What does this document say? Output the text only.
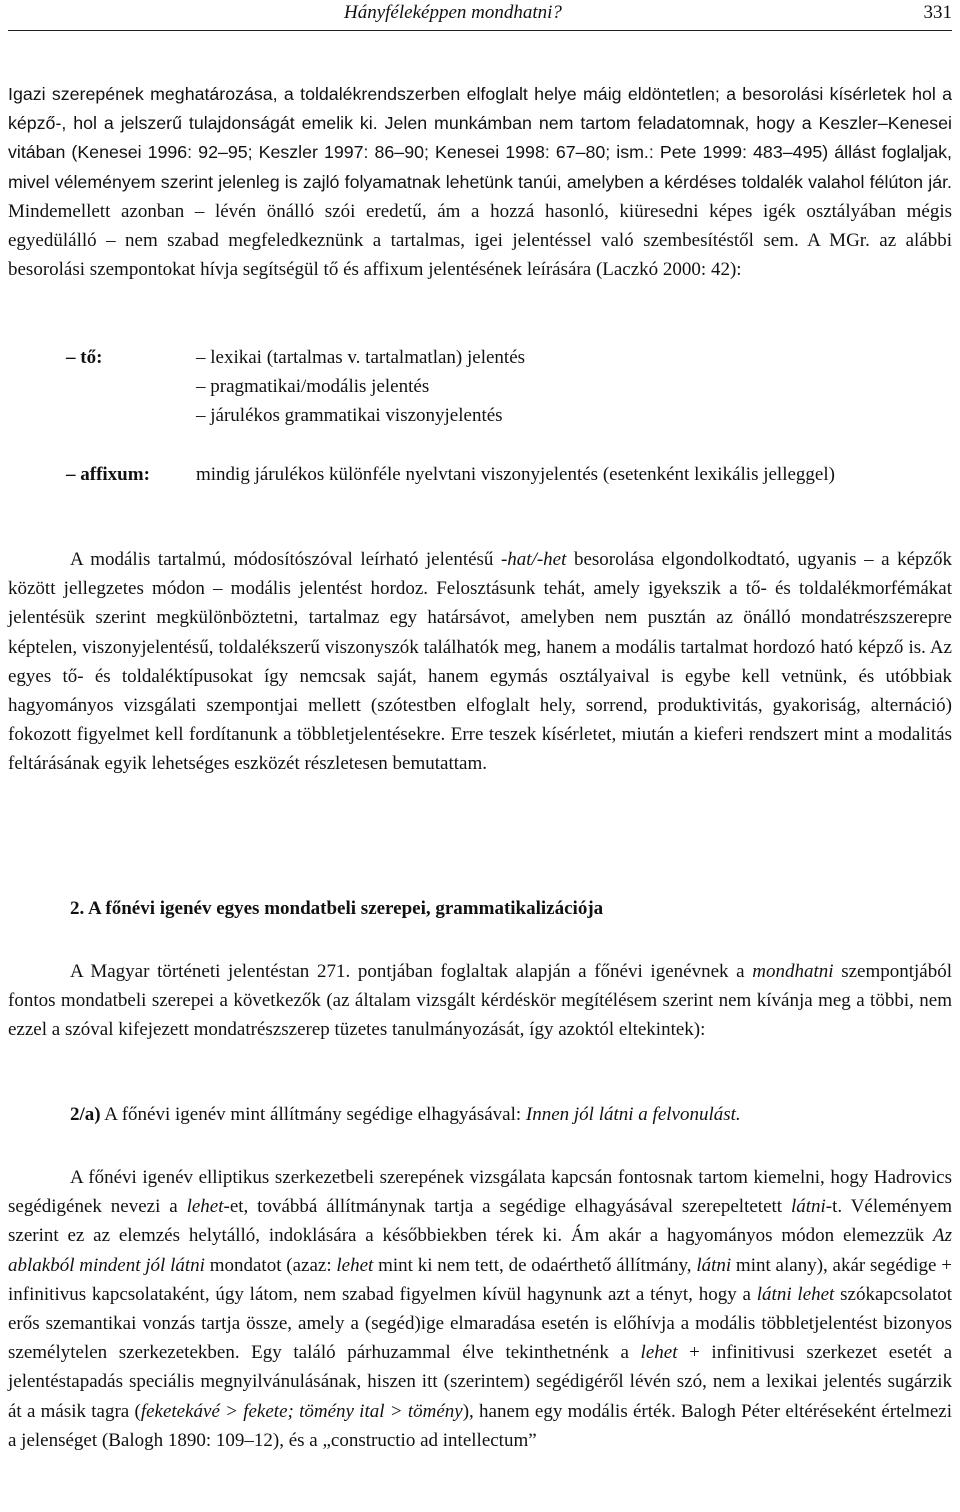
Hányféleképpen mondhatni?	331
Igazi szerepének meghatározása, a toldalékrendszerben elfoglalt helye máig eldöntetlen; a besorolási kísérletek hol a képző-, hol a jelszerű tulajdonságát emelik ki. Jelen munkámban nem tartom feladatomnak, hogy a Keszler–Kenesei vitában (Kenesei 1996: 92–95; Keszler 1997: 86–90; Kenesei 1998: 67–80; ism.: Pete 1999: 483–495) állást foglaljak, mivel véleményem szerint jelenleg is zajló folyamatnak lehetünk tanúi, amelyben a kérdéses toldalék valahol félúton jár. Mindemellett azonban – lévén önálló szói eredetű, ám a hozzá hasonló, kiüresedni képes igék osztályában mégis egyedülálló – nem szabad megfeledkeznünk a tartalmas, igei jelentéssel való szembesítéstől sem. A MGr. az alábbi besorolási szempontokat hívja segítségül tő és affixum jelentésének leírására (Laczkó 2000: 42):
– tő:	– lexikai (tartalmas v. tartalmatlan) jelentés
– pragmatikai/modális jelentés
– járulékos grammatikai viszonyjelentés
– affixum: mindig járulékos különféle nyelvtani viszonyjelentés (esetenként lexikális jelleggel)
A modális tartalmú, módosítószóval leírható jelentésű -hat/-het besorolása elgondolkodtató, ugyanis – a képzők között jellegzetes módon – modális jelentést hordoz. Felosztásunk tehát, amely igyekszik a tő- és toldalékmorfémákat jelentésük szerint megkülönböztetni, tartalmaz egy határsávot, amelyben nem pusztán az önálló mondatrészszerepre képtelen, viszonyjelentésű, toldalékszerű viszonyszók találhatók meg, hanem a modális tartalmat hordozó ható képző is. Az egyes tő- és toldaléktípusokat így nemcsak saját, hanem egymás osztályaival is egybe kell vetnünk, és utóbbiak hagyományos vizsgálati szempontjai mellett (szótestben elfoglalt hely, sorrend, produktivitás, gyakoriság, alternáció) fokozott figyelmet kell fordítanunk a többletjelentésekre. Erre teszek kísérletet, miután a kieferi rendszert mint a modalitás feltárásának egyik lehetséges eszközét részletesen bemutattam.
2. A főnévi igenév egyes mondatbeli szerepei, grammatikalizációja
A Magyar történeti jelentéstan 271. pontjában foglaltak alapján a főnévi igenévnek a mondhatni szempontjából fontos mondatbeli szerepei a következők (az általam vizsgált kérdéskör megítélésem szerint nem kívánja meg a többi, nem ezzel a szóval kifejezett mondatrészszerep tüzetes tanulmányozását, így azoktól eltekintek):
2/a) A főnévi igenév mint állítmány segédige elhagyásával: Innen jól látni a felvonulást.
A főnévi igenév elliptikus szerkezetbeli szerepének vizsgálata kapcsán fontosnak tartom kiemelni, hogy Hadrovics segédigének nevezi a lehet-et, továbbá állítmánynak tartja a segédige elhagyásával szerepeltetett látni-t. Véleményem szerint ez az elemzés helytálló, indoklására a későbbiekben térek ki. Ám akár a hagyományos módon elemezzük Az ablakból mindent jól látni mondatot (azaz: lehet mint ki nem tett, de odaérthető állítmány, látni mint alany), akár segédige + infinitivus kapcsolataként, úgy látom, nem szabad figyelmen kívül hagynunk azt a tényt, hogy a látni lehet szókapcsolatot erős szemantikai vonzás tartja össze, amely a (segéd)ige elmaradása esetén is előhívja a modális többletjelentést bizonyos személytelen szerkezetekben. Egy találó párhuzammal élve tekinthetnénk a lehet + infinitivusi szerkezet esetét a jelentéstapadás speciális megnyilvánulásának, hiszen itt (szerintem) segédigéről lévén szó, nem a lexikai jelentés sugárzik át a másik tagra (feketekávé > fekete; tömény ital > tömény), hanem egy modális érték. Balogh Péter eltéréseként értelmezi a jelenséget (Balogh 1890: 109–12), és a „constructio ad intellectum”
